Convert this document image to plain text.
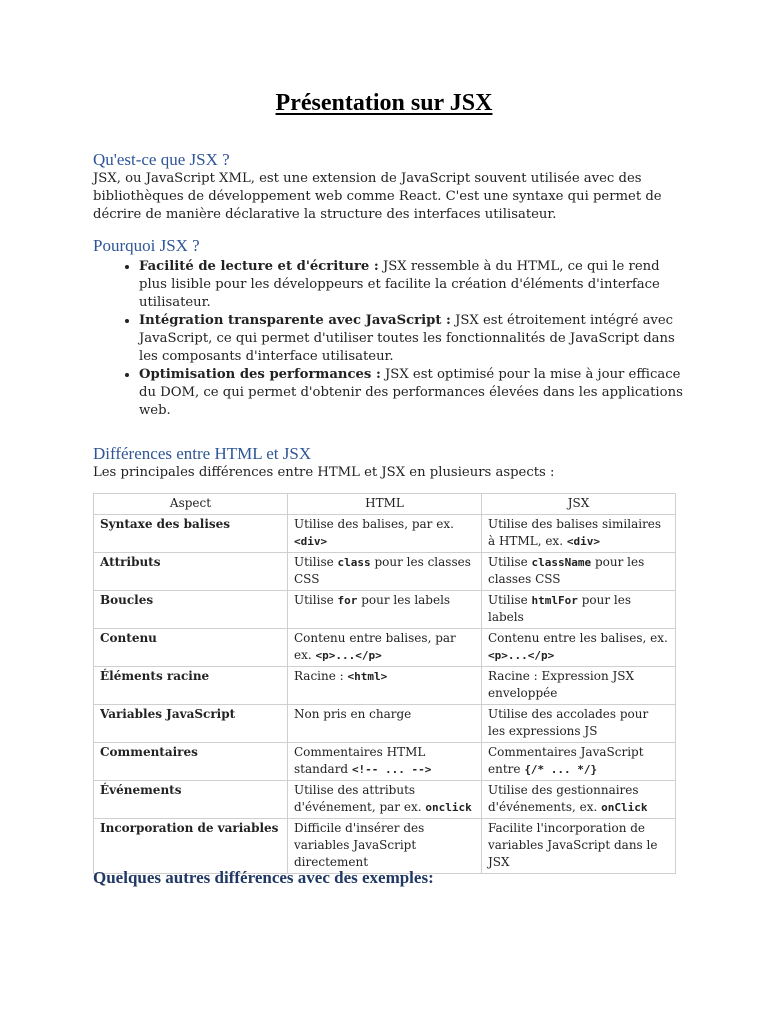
Présentation sur JSX
Qu'est-ce que JSX ?

JSX, ou JavaScript XML, est une extension de JavaScript souvent utilisée avec des bibliothèques de développement web comme React. C'est une syntaxe qui permet de décrire de manière déclarative la structure des interfaces utilisateur.

Pourquoi JSX ?
• Facilité de lecture et d'écriture : JSX ressemble à du HTML, ce qui le rend plus lisible pour les développeurs et facilite la création d'éléments d'interface utilisateur.
• Intégration transparente avec JavaScript : JSX est étroitement intégré avec JavaScript, ce qui permet d'utiliser toutes les fonctionnalités de JavaScript dans les composants d'interface utilisateur.
• Optimisation des performances : JSX est optimisé pour la mise à jour efficace du DOM, ce qui permet d'obtenir des performances élevées dans les applications web.
Différences entre HTML et JSX

Les principales différences entre HTML et JSX en plusieurs aspects :

Aspect	HTML	JSX
Syntaxe des balises	Utilise des balises, par ex. <div>	Utilise des balises similaires à HTML, ex. <div>
Attributs	Utilise class pour les classes CSS	Utilise className pour les classes CSS
Boucles	Utilise for pour les labels	Utilise htmlFor pour les labels
Contenu	Contenu entre balises, par ex. <p>...</p>	Contenu entre les balises, ex. <p>...</p>
Éléments racine	Racine : <html>	Racine : Expression JSX enveloppée
Variables JavaScript	Non pris en charge	Utilise des accolades pour les expressions JS
Commentaires	Commentaires HTML standard <!-- ... -->	Commentaires JavaScript entre {/* ... */}
Événements	Utilise des attributs d'événement, par ex. onclick	Utilise des gestionnaires d'événements, ex. onClick
Incorporation de variables	Difficile d'insérer des variables JavaScript directement	Facilite l'incorporation de variables JavaScript dans le JSX
Quelques autres différences avec des exemples:
